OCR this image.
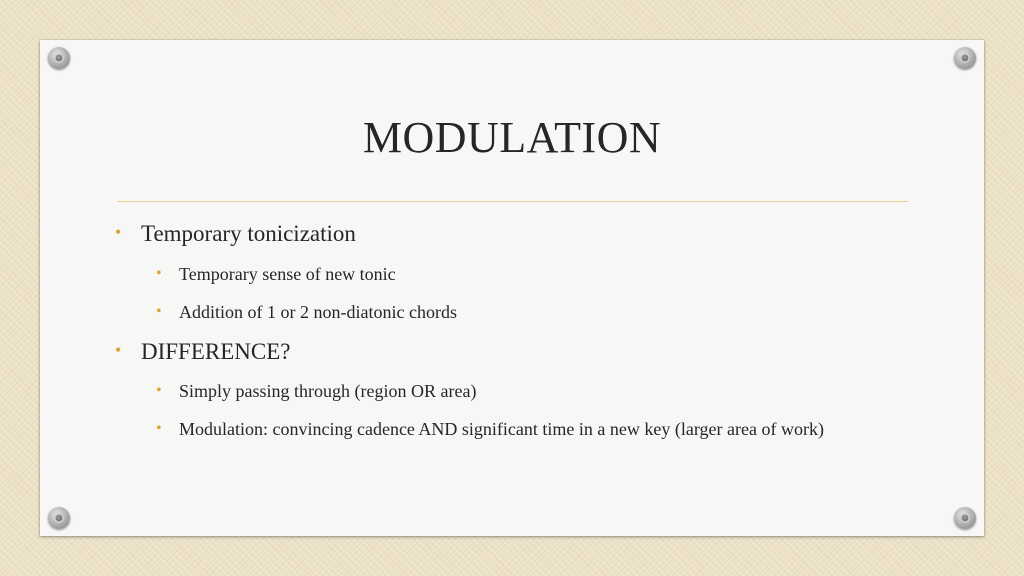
MODULATION
• Temporary tonicization
• Temporary sense of new tonic
• Addition of 1 or 2 non-diatonic chords
• DIFFERENCE?
• Simply passing through (region OR area)
• Modulation: convincing cadence AND significant time in a new key (larger area of work)
